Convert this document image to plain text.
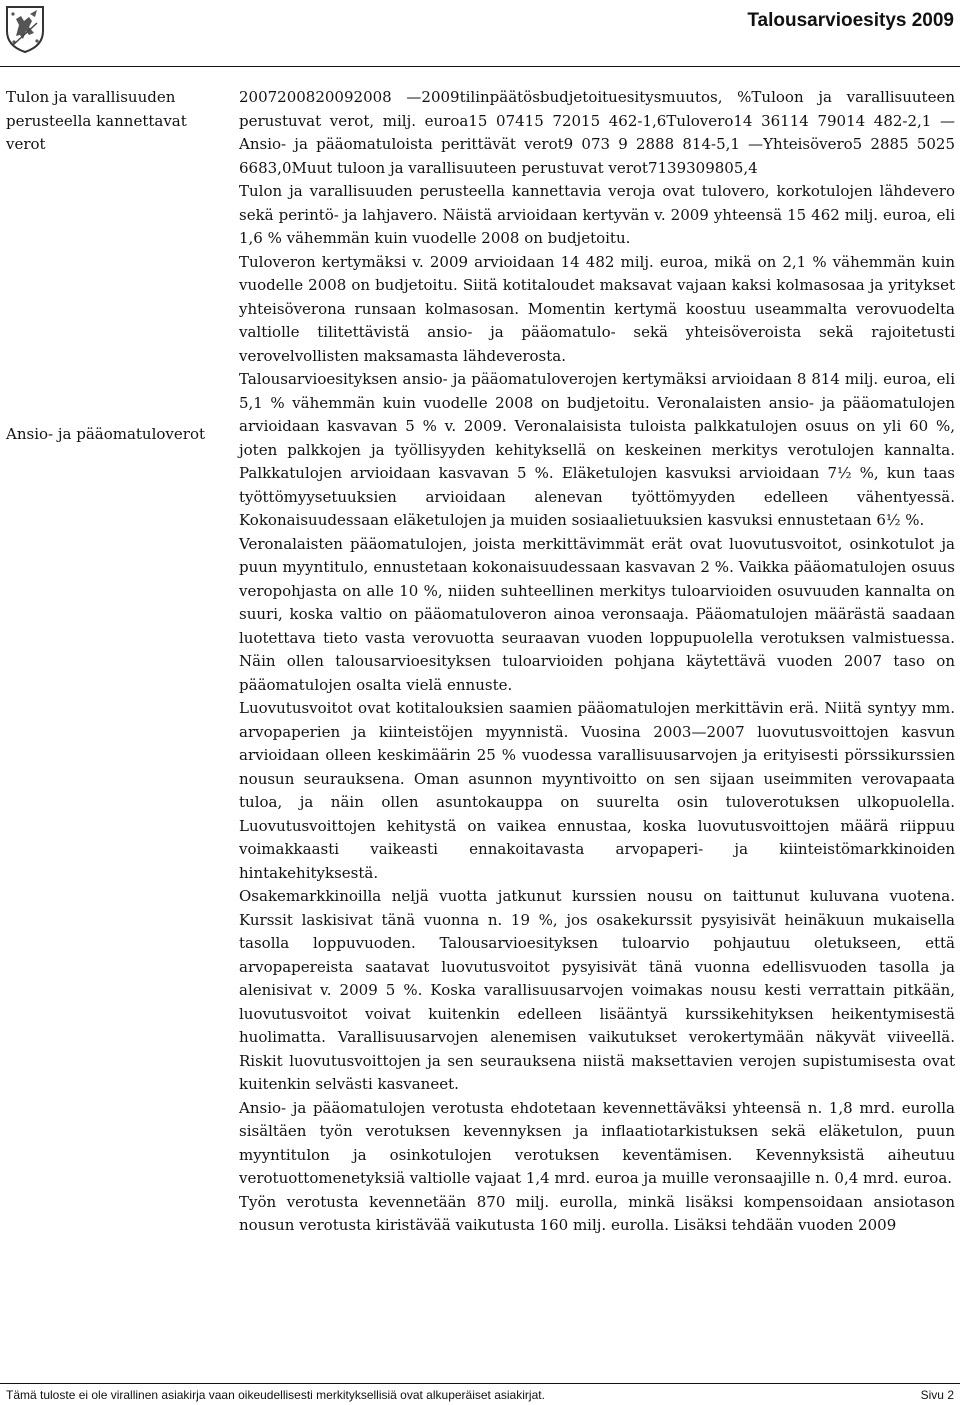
Talousarvioesitys 2009
Tulon ja varallisuuden perusteella kannettavat verot
Ansio- ja pääomatuloverot

2007200820092008 —2009tilinpäätösbudjetoituesitysmuutos, %Tuloon ja varallisuuteen perustuvat verot, milj. euroa15 07415 72015 462-1,6Tulovero14 36114 79014 482-2,1 —Ansio- ja pääomatuloista perittävät verot9 073 9 2888 814-5,1 —Yhteisövero5 2885 5025 6683,0Muut tuloon ja varallisuuteen perustuvat verot7139309805,4

Tulon ja varallisuuden perusteella kannettavia veroja ovat tulovero, korkotulojen lähdevero sekä perintö- ja lahjavero. Näistä arvioidaan kertyvän v. 2009 yhteensä 15 462 milj. euroa, eli 1,6 % vähemmän kuin vuodelle 2008 on budjetoitu.

Tuloveron kertymäksi v. 2009 arvioidaan 14 482 milj. euroa, mikä on 2,1 % vähemmän kuin vuodelle 2008 on budjetoitu. Siitä kotitaloudet maksavat vajaan kaksi kolmasosaa ja yritykset yhteisöverona runsaan kolmasosan. Momentin kertymä koostuu useammalta verovuodelta valtiolle tilitettävistä ansio- ja pääomatulo- sekä yhteisöveroista sekä rajoitetusti verovelvollisten maksamasta lähdeverosta.

Talousarvioesityksen ansio- ja pääomatuloverojen kertymäksi arvioidaan 8 814 milj. euroa, eli 5,1 % vähemmän kuin vuodelle 2008 on budjetoitu. Veronalaisten ansio- ja pääomatulojen arvioidaan kasvavan 5 % v. 2009. Veronalaisista tuloista palkkatulojen osuus on yli 60 %, joten palkkojen ja työllisyyden kehityksellä on keskeinen merkitys verotulojen kannalta. Palkkatulojen arvioidaan kasvavan 5 %. Eläketulojen kasvuksi arvioidaan 7½ %, kun taas työttömyysetuuksien arvioidaan alenevan työttömyyden edelleen vähentyessä. Kokonaisuudessaan eläketulojen ja muiden sosiaalietuuksien kasvuksi ennustetaan 6½ %.

Veronalaisten pääomatulojen, joista merkittävimmät erät ovat luovutusvoitot, osinkotulot ja puun myyntitulo, ennustetaan kokonaisuudessaan kasvavan 2 %. Vaikka pääomatulojen osuus veropohjasta on alle 10 %, niiden suhteellinen merkitys tuloarvioiden osuvuuden kannalta on suuri, koska valtio on pääomatuloveron ainoa veronsaaja. Pääomatulojen määrästä saadaan luotettava tieto vasta verovuotta seuraavan vuoden loppupuolella verotuksen valmistuessa. Näin ollen talousarvioesityksen tuloarvioiden pohjana käytettävä vuoden 2007 taso on pääomatulojen osalta vielä ennuste.

Luovutusvoitot ovat kotitalouksien saamien pääomatulojen merkittävin erä. Niitä syntyy mm. arvopaperien ja kiinteistöjen myynnistä. Vuosina 2003—2007 luovutusvoittojen kasvun arvioidaan olleen keskimäärin 25 % vuodessa varallisuusarvojen ja erityisesti pörssikurssien nousun seurauksena. Oman asunnon myyntivoitto on sen sijaan useimmiten verovapaata tuloa, ja näin ollen asuntokauppa on suurelta osin tuloverotuksen ulkopuolella. Luovutusvoittojen kehitystä on vaikea ennustaa, koska luovutusvoittojen määrä riippuu voimakkaasti vaikeasti ennakoitavasta arvopaperi- ja kiinteistömarkkinoiden hintakehityksestä.

Osakemarkkinoilla neljä vuotta jatkunut kurssien nousu on taittunut kuluvana vuotena. Kurssit laskisivat tänä vuonna n. 19 %, jos osakekurssit pysyisivät heinäkuun mukaisella tasolla loppuvuoden. Talousarvioesityksen tuloarvio pohjautuu oletukseen, että arvopapereista saatavat luovutusvoitot pysyisivät tänä vuonna edellisvuoden tasolla ja alenisivat v. 2009 5 %. Koska varallisuusarvojen voimakas nousu kesti verrattain pitkään, luovutusvoitot voivat kuitenkin edelleen lisääntyä kurssikehityksen heikentymisestä huolimatta. Varallisuusarvojen alenemisen vaikutukset verokertymään näkyvät viiveellä. Riskit luovutusvoittojen ja sen seurauksena niistä maksettavien verojen supistumisesta ovat kuitenkin selvästi kasvaneet.

Ansio- ja pääomatulojen verotusta ehdotetaan kevennettäväksi yhteensä n. 1,8 mrd. eurolla sisältäen työn verotuksen kevennyksen ja inflaatiotarkistuksen sekä eläketulon, puun myyntitulon ja osinkotulojen verotuksen keventämisen. Kevennyksistä aiheutuu verotuottomenetyksiä valtiolle vajaat 1,4 mrd. euroa ja muille veronsaajille n. 0,4 mrd. euroa.

Työn verotusta kevennetään 870 milj. eurolla, minkä lisäksi kompensoidaan ansiotason nousun verotusta kiristävää vaikutusta 160 milj. eurolla. Lisäksi tehdään vuoden 2009

Tämä tuloste ei ole virallinen asiakirja vaan oikeudellisesti merkityksellisiä ovat alkuperäiset asiakirjat.	Sivu 2
